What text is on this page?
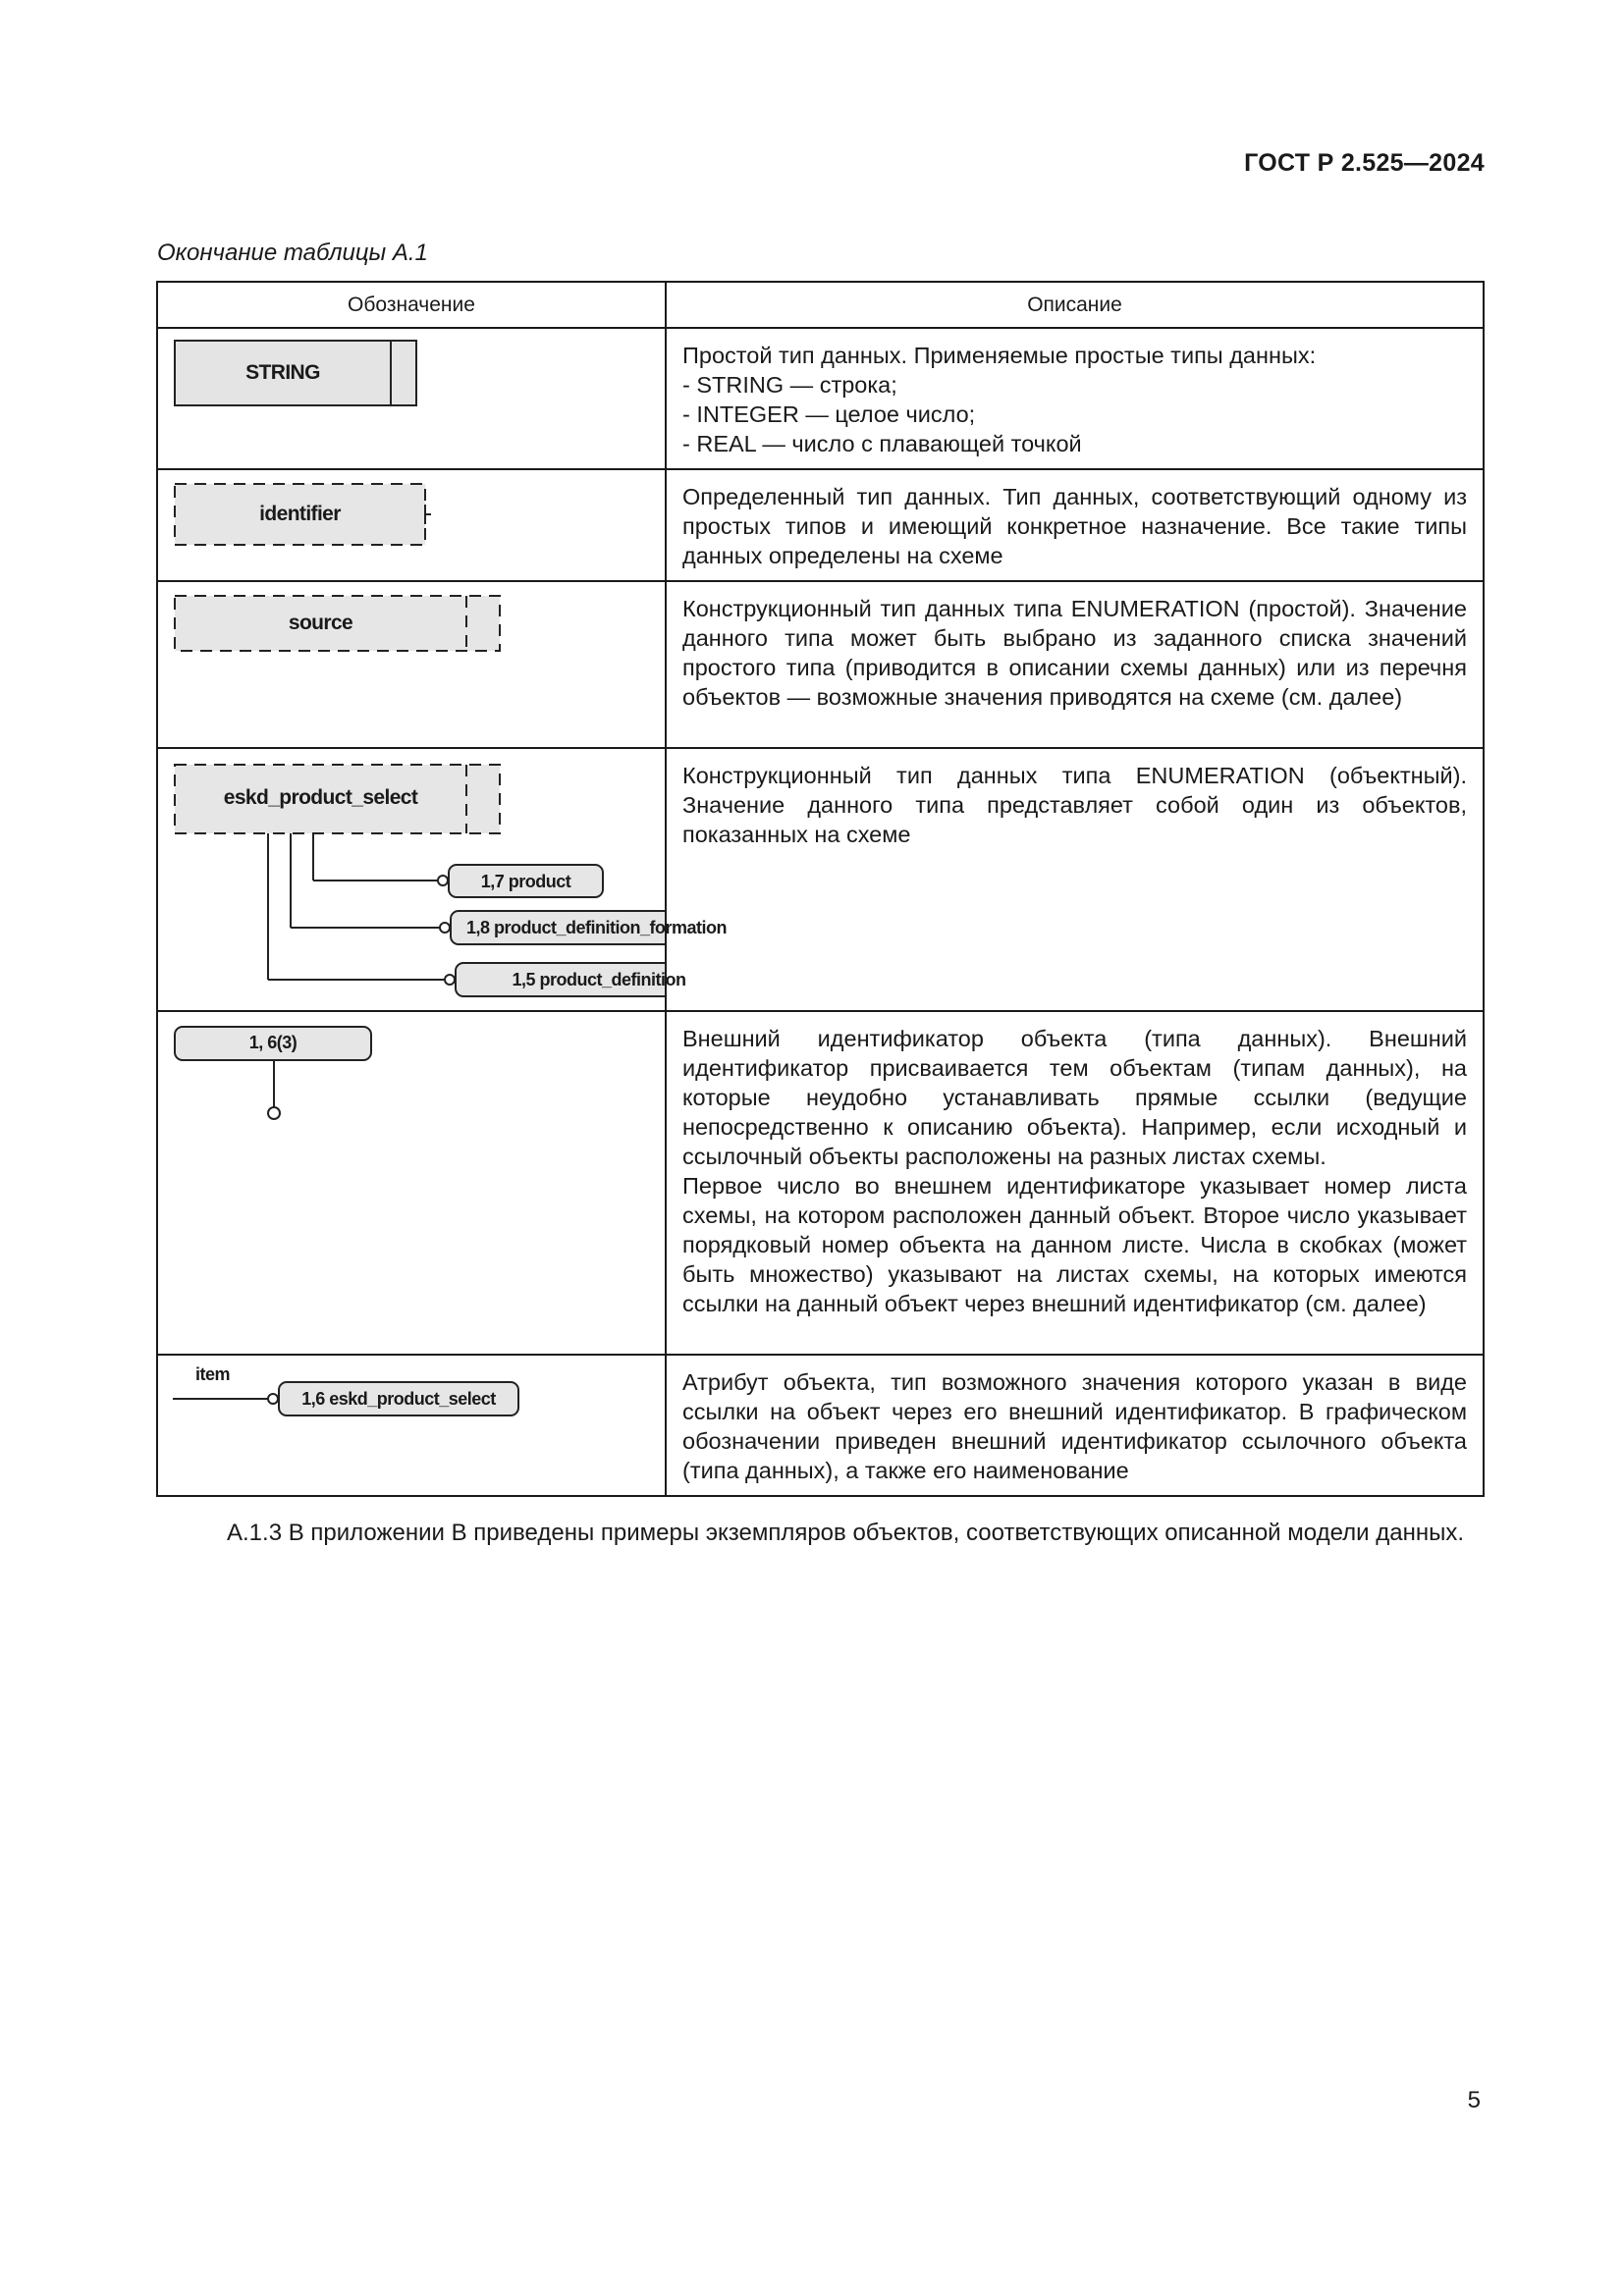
ГОСТ Р 2.525—2024
Окончание таблицы А.1
Обозначение	Описание

STRING	Простой тип данных. Применяемые простые типы данных:
- STRING — строка;
- INTEGER — целое число;
- REAL — число с плавающей точкой

identifier	Определенный тип данных. Тип данных, соответствующий одному из простых типов и имеющий конкретное назначение. Все такие типы данных определены на схеме

source	Конструкционный тип данных типа ENUMERATION (простой). Значение данного типа может быть выбрано из заданного списка значений простого типа (приводится в описании схемы данных) или из перечня объектов — возможные значения приводятся на схеме (см. далее)

eskd_product_select
1,7 product
1,8 product_definition_formation
1,5 product_definition	Конструкционный тип данных типа ENUMERATION (объектный). Значение данного типа представляет собой один из объектов, показанных на схеме

1, 6(3)	Внешний идентификатор объекта (типа данных). Внешний идентификатор присваивается тем объектам (типам данных), на которые неудобно устанавливать прямые ссылки (ведущие непосредственно к описанию объекта). Например, если исходный и ссылочный объекты расположены на разных листах схемы.
Первое число во внешнем идентификаторе указывает номер листа схемы, на котором расположен данный объект. Второе число указывает порядковый номер объекта на данном листе. Числа в скобках (может быть множество) указывают на листах схемы, на которых имеются ссылки на данный объект через внешний идентификатор (см. далее)

item
1,6 eskd_product_select	Атрибут объекта, тип возможного значения которого указан в виде ссылки на объект через его внешний идентификатор. В графическом обозначении приведен внешний идентификатор ссылочного объекта (типа данных), а также его наименование
А.1.3 В приложении В приведены примеры экземпляров объектов, соответствующих описанной модели данных.
5
